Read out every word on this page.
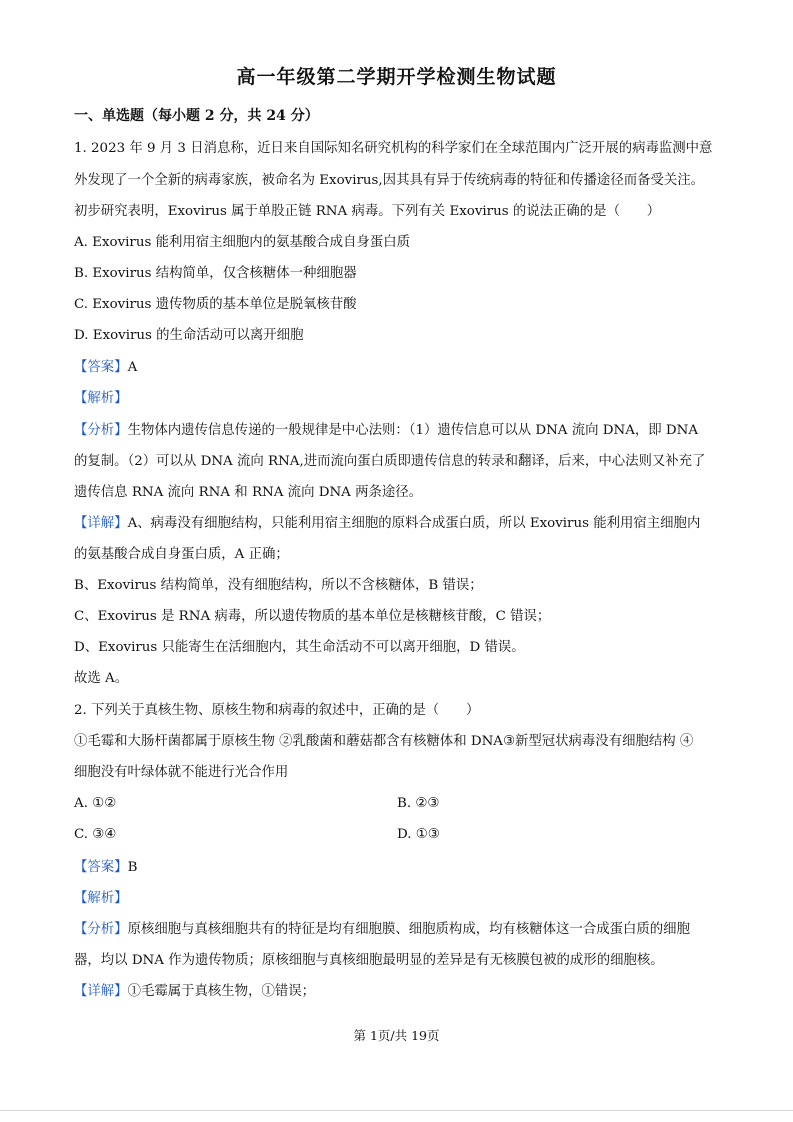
高一年级第二学期开学检测生物试题
一、单选题（每小题 2 分，共 24 分）
1. 2023 年 9 月 3 日消息称，近日来自国际知名研究机构的科学家们在全球范围内广泛开展的病毒监测中意
外发现了一个全新的病毒家族，被命名为 Exovirus,因其具有异于传统病毒的特征和传播途径而备受关注。
初步研究表明，Exovirus 属于单股正链 RNA 病毒。下列有关 Exovirus 的说法正确的是（　　）
A. Exovirus 能利用宿主细胞内的氨基酸合成自身蛋白质
B. Exovirus 结构简单，仅含核糖体一种细胞器
C. Exovirus 遗传物质的基本单位是脱氧核苷酸
D. Exovirus 的生命活动可以离开细胞
【答案】A
【解析】
【分析】生物体内遗传信息传递的一般规律是中心法则：（1）遗传信息可以从 DNA 流向 DNA，即 DNA
的复制。（2）可以从 DNA 流向 RNA,进而流向蛋白质即遗传信息的转录和翻译，后来，中心法则又补充了
遗传信息 RNA 流向 RNA 和 RNA 流向 DNA 两条途径。
【详解】A、病毒没有细胞结构，只能利用宿主细胞的原料合成蛋白质，所以 Exovirus 能利用宿主细胞内
的氨基酸合成自身蛋白质，A 正确；
B、Exovirus 结构简单，没有细胞结构，所以不含核糖体，B 错误；
C、Exovirus 是 RNA 病毒，所以遗传物质的基本单位是核糖核苷酸，C 错误；
D、Exovirus 只能寄生在活细胞内，其生命活动不可以离开细胞，D 错误。
故选 A。
2. 下列关于真核生物、原核生物和病毒的叙述中，正确的是（　　）
①毛霉和大肠杆菌都属于原核生物 ②乳酸菌和蘑菇都含有核糖体和 DNA③新型冠状病毒没有细胞结构 ④
细胞没有叶绿体就不能进行光合作用
A. ①②	B. ②③
C. ③④	D. ①③
【答案】B
【解析】
【分析】原核细胞与真核细胞共有的特征是均有细胞膜、细胞质构成，均有核糖体这一合成蛋白质的细胞
器，均以 DNA 作为遗传物质；原核细胞与真核细胞最明显的差异是有无核膜包被的成形的细胞核。
【详解】①毛霉属于真核生物，①错误；
第 1页/共 19页
